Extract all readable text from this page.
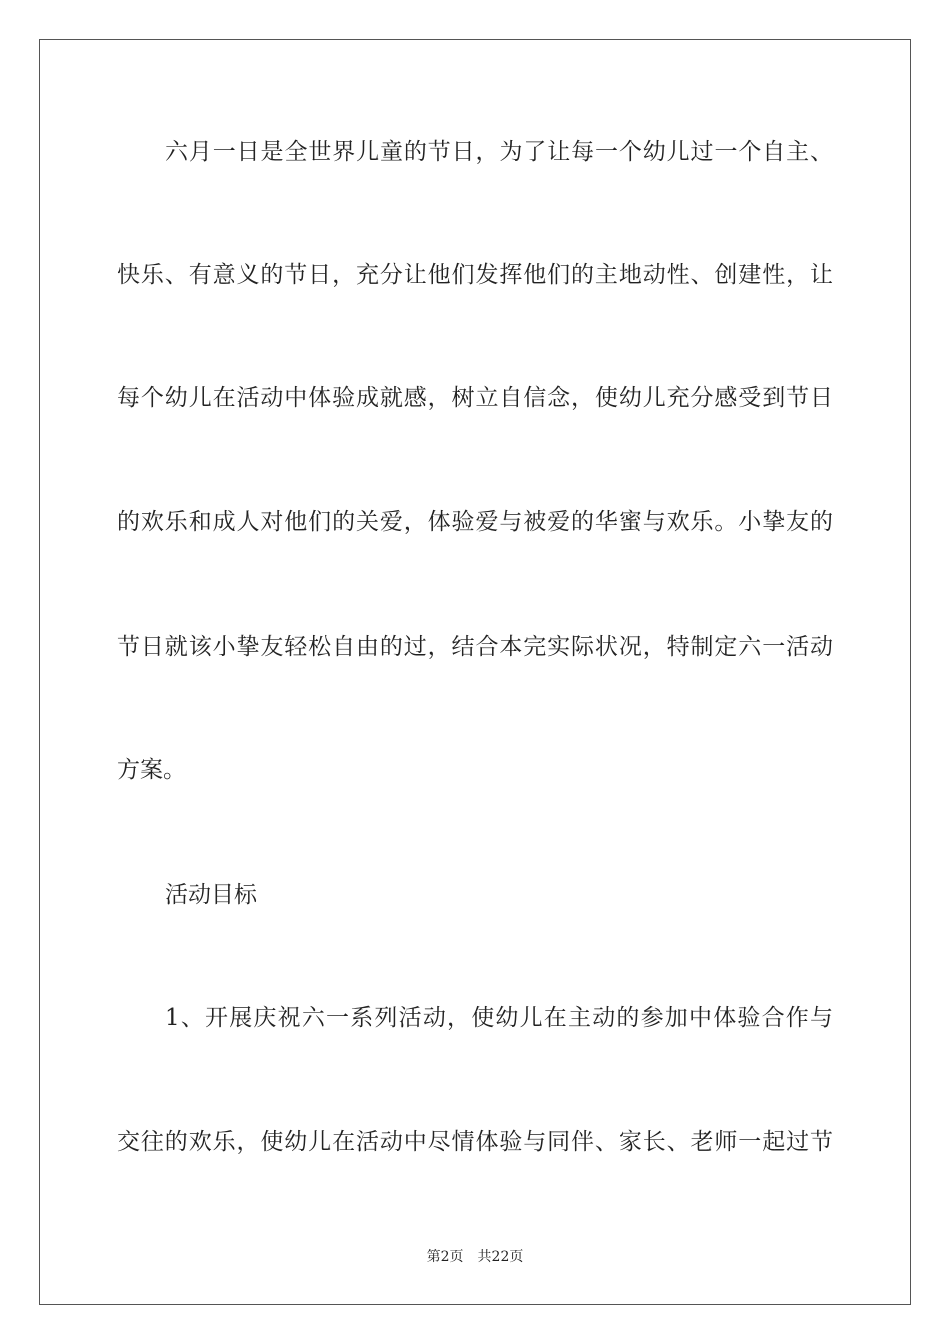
六月一日是全世界儿童的节日，为了让每一个幼儿过一个自主、
快乐、有意义的节日，充分让他们发挥他们的主地动性、创建性，让
每个幼儿在活动中体验成就感，树立自信念，使幼儿充分感受到节日
的欢乐和成人对他们的关爱，体验爱与被爱的华蜜与欢乐。小挚友的
节日就该小挚友轻松自由的过，结合本完实际状况，特制定六一活动
方案。
活动目标
1、开展庆祝六一系列活动，使幼儿在主动的参加中体验合作与
交往的欢乐，使幼儿在活动中尽情体验与同伴、家长、老师一起过节
第2页 共22页
